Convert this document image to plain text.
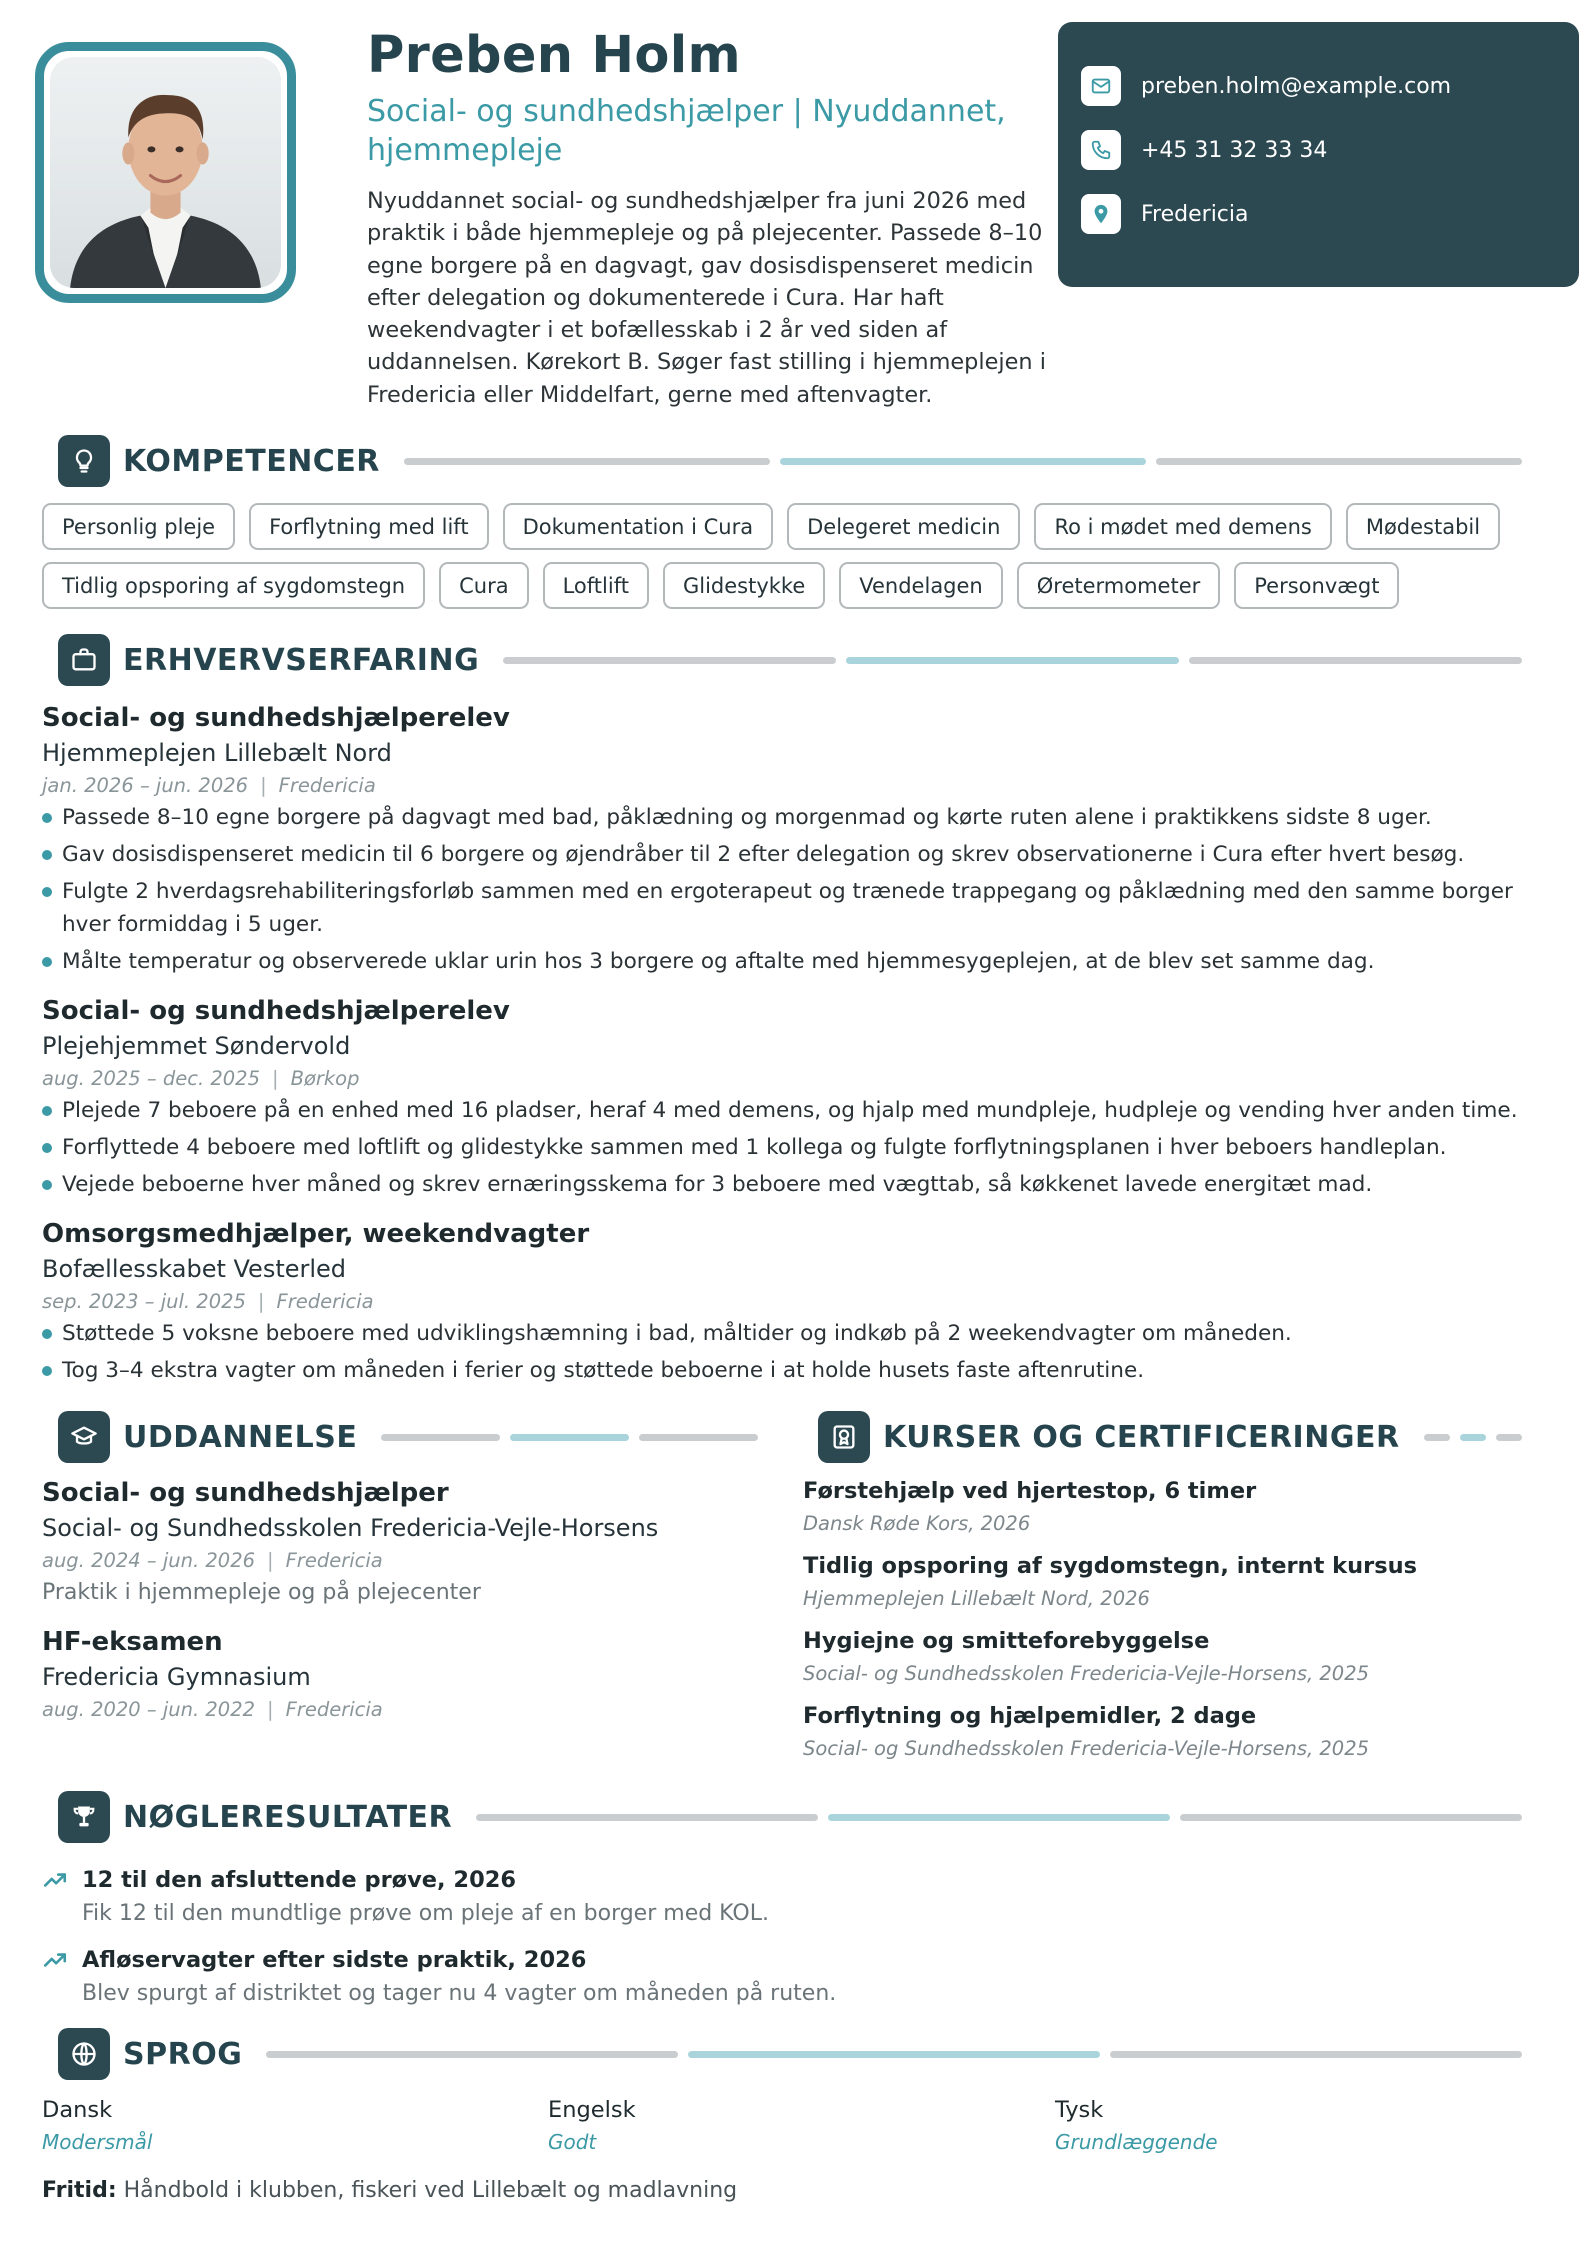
Preben Holm
Social- og sundhedshjælper | Nyuddannet, hjemmepleje
Nyuddannet social- og sundhedshjælper fra juni 2026 med praktik i både hjemmepleje og på plejecenter. Passede 8–10 egne borgere på en dagvagt, gav dosisdispenseret medicin efter delegation og dokumenterede i Cura. Har haft weekendvagter i et bofællesskab i 2 år ved siden af uddannelsen. Kørekort B. Søger fast stilling i hjemmeplejen i Fredericia eller Middelfart, gerne med aftenvagter.
preben.holm@example.com
+45 31 32 33 34
Fredericia
KOMPETENCER
Personlig pleje	Forflytning med lift	Dokumentation i Cura	Delegeret medicin	Ro i mødet med demens	Mødestabil
Tidlig opsporing af sygdomstegn	Cura	Loftlift	Glidestykke	Vendelagen	Øretermometer	Personvægt
ERHVERVSERFARING
Social- og sundhedshjælperelev
Hjemmeplejen Lillebælt Nord
jan. 2026 – jun. 2026 | Fredericia
Passede 8–10 egne borgere på dagvagt med bad, påklædning og morgenmad og kørte ruten alene i praktikkens sidste 8 uger.
Gav dosisdispenseret medicin til 6 borgere og øjendråber til 2 efter delegation og skrev observationerne i Cura efter hvert besøg.
Fulgte 2 hverdagsrehabiliteringsforløb sammen med en ergoterapeut og trænede trappegang og påklædning med den samme borger hver formiddag i 5 uger.
Målte temperatur og observerede uklar urin hos 3 borgere og aftalte med hjemmesygeplejen, at de blev set samme dag.
Social- og sundhedshjælperelev
Plejehjemmet Søndervold
aug. 2025 – dec. 2025 | Børkop
Plejede 7 beboere på en enhed med 16 pladser, heraf 4 med demens, og hjalp med mundpleje, hudpleje og vending hver anden time.
Forflyttede 4 beboere med loftlift og glidestykke sammen med 1 kollega og fulgte forflytningsplanen i hver beboers handleplan.
Vejede beboerne hver måned og skrev ernæringsskema for 3 beboere med vægttab, så køkkenet lavede energitæt mad.
Omsorgsmedhjælper, weekendvagter
Bofællesskabet Vesterled
sep. 2023 – jul. 2025 | Fredericia
Støttede 5 voksne beboere med udviklingshæmning i bad, måltider og indkøb på 2 weekendvagter om måneden.
Tog 3–4 ekstra vagter om måneden i ferier og støttede beboerne i at holde husets faste aftenrutine.
UDDANNELSE
Social- og sundhedshjælper
Social- og Sundhedsskolen Fredericia-Vejle-Horsens
aug. 2024 – jun. 2026 | Fredericia
Praktik i hjemmepleje og på plejecenter
HF-eksamen
Fredericia Gymnasium
aug. 2020 – jun. 2022 | Fredericia
KURSER OG CERTIFICERINGER
Førstehjælp ved hjertestop, 6 timer
Dansk Røde Kors, 2026
Tidlig opsporing af sygdomstegn, internt kursus
Hjemmeplejen Lillebælt Nord, 2026
Hygiejne og smitteforebyggelse
Social- og Sundhedsskolen Fredericia-Vejle-Horsens, 2025
Forflytning og hjælpemidler, 2 dage
Social- og Sundhedsskolen Fredericia-Vejle-Horsens, 2025
NØGLERESULTATER
12 til den afsluttende prøve, 2026
Fik 12 til den mundtlige prøve om pleje af en borger med KOL.
Afløservagter efter sidste praktik, 2026
Blev spurgt af distriktet og tager nu 4 vagter om måneden på ruten.
SPROG
Dansk
Modersmål
Engelsk
Godt
Tysk
Grundlæggende
Fritid: Håndbold i klubben, fiskeri ved Lillebælt og madlavning
